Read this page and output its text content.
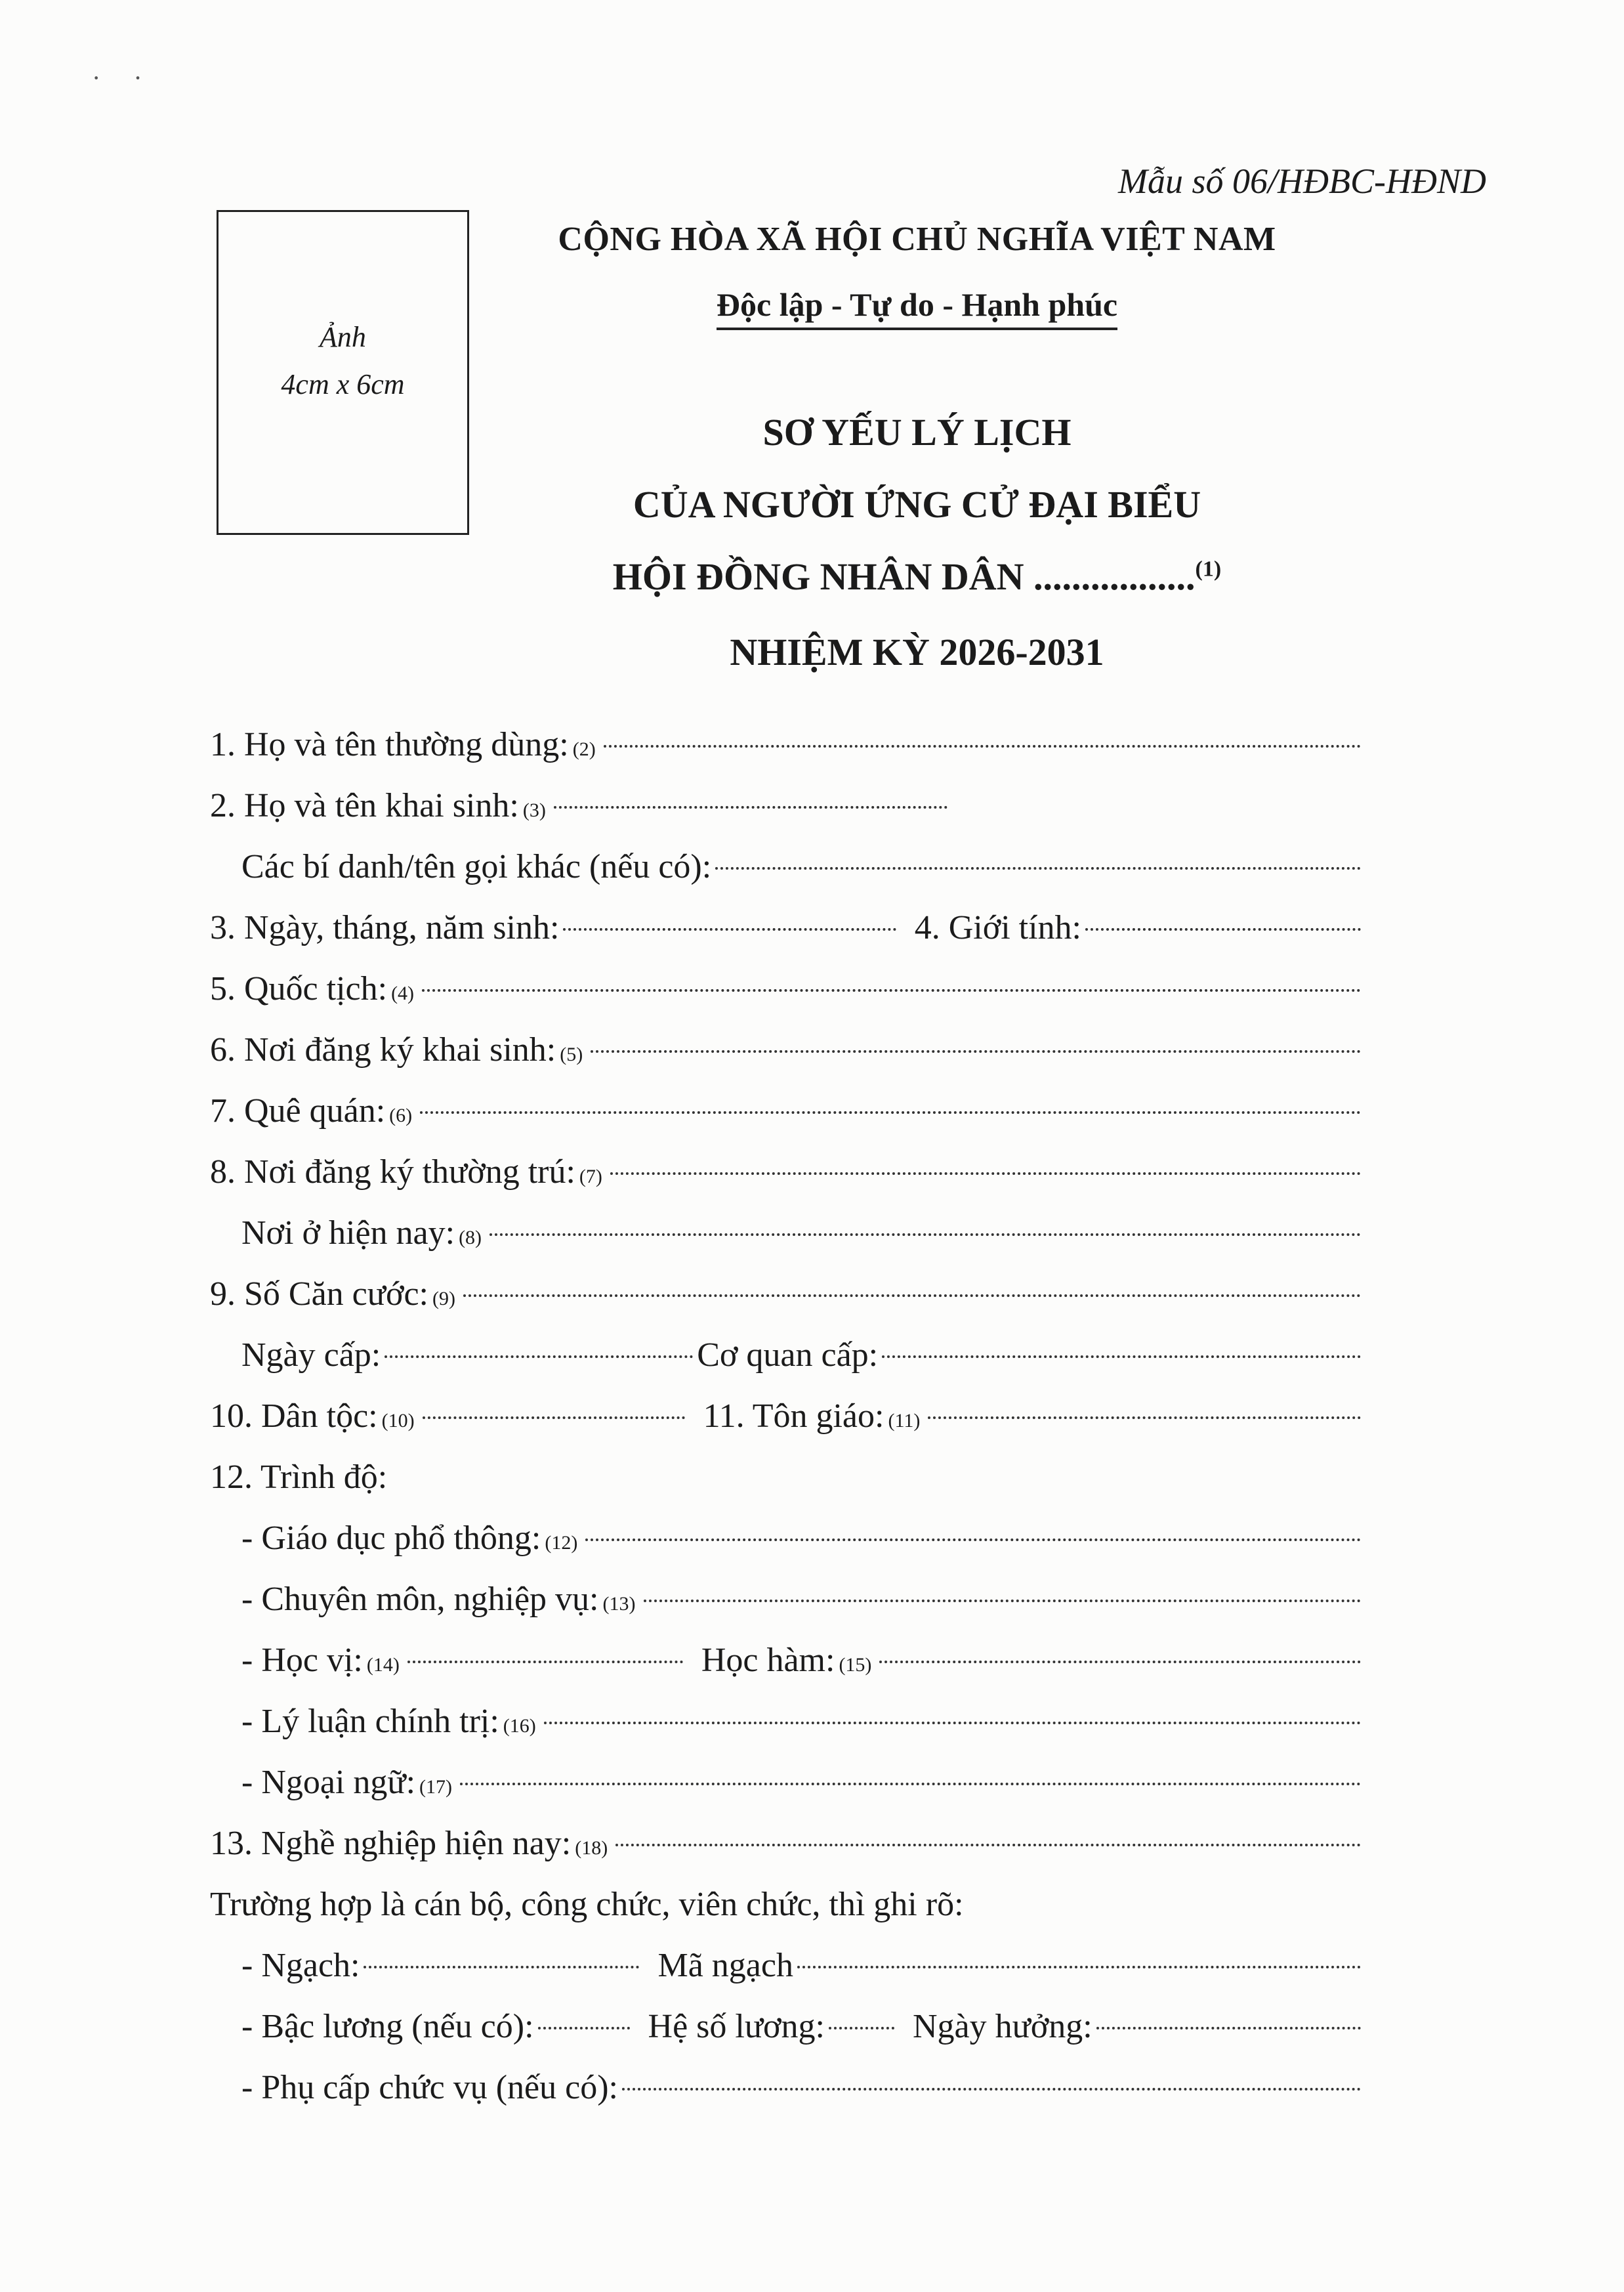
·     ·
Mẫu số 06/HĐBC-HĐND
Ảnh
4cm x 6cm
CỘNG HÒA XÃ HỘI CHỦ NGHĨA VIỆT NAM
Độc lập - Tự do - Hạnh phúc
SƠ YẾU LÝ LỊCH
CỦA NGƯỜI ỨNG CỬ ĐẠI BIỂU
HỘI ĐỒNG NHÂN DÂN .................$^{(1)}$
NHIỆM KỲ 2026-2031
1. Họ và tên thường dùng: (2)
2. Họ và tên khai sinh: (3)
Các bí danh/tên gọi khác (nếu có):
3. Ngày, tháng, năm sinh:	4. Giới tính:
5. Quốc tịch: (4)
6. Nơi đăng ký khai sinh: (5)
7. Quê quán: (6)
8. Nơi đăng ký thường trú: (7)
Nơi ở hiện nay: (8)
9. Số Căn cước: (9)
Ngày cấp:	Cơ quan cấp:
10. Dân tộc: (10)	11. Tôn giáo: (11)
12. Trình độ:
- Giáo dục phổ thông: (12)
- Chuyên môn, nghiệp vụ: (13)
- Học vị: (14)	Học hàm: (15)
- Lý luận chính trị: (16)
- Ngoại ngữ: (17)
13. Nghề nghiệp hiện nay: (18)
Trường hợp là cán bộ, công chức, viên chức, thì ghi rõ:
- Ngạch:	Mã ngạch
- Bậc lương (nếu có):	Hệ số lương:	Ngày hưởng:
- Phụ cấp chức vụ (nếu có):
